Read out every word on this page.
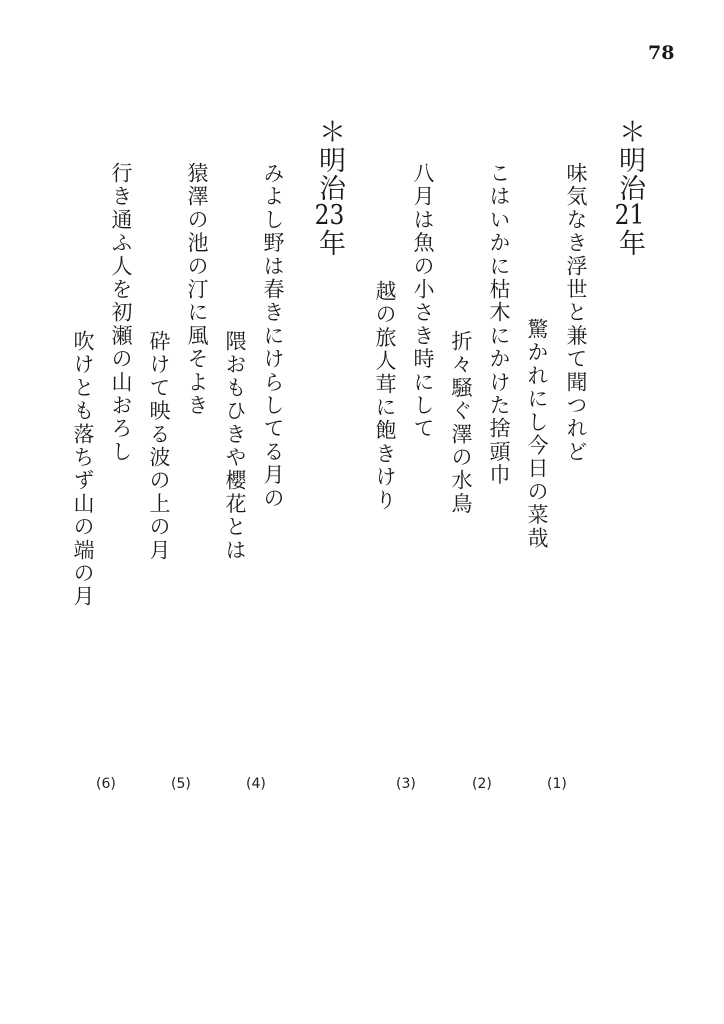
78
＊明治21年
味気なき浮世と兼て聞つれど
驚かれにし今日の菜哉
こはいかに枯木にかけた捨頭巾
折々騒ぐ澤の水鳥
八月は魚の小さき時にして
越の旅人茸に飽きけり
＊明治23年
みよし野は春きにけらしてる月の
隈おもひきや櫻花とは
猿澤の池の汀に風そよき
砕けて映る波の上の月
行き通ふ人を初瀬の山おろし
吹けとも落ちず山の端の月
(1)
(2)
(3)
(4)
(5)
(6)
